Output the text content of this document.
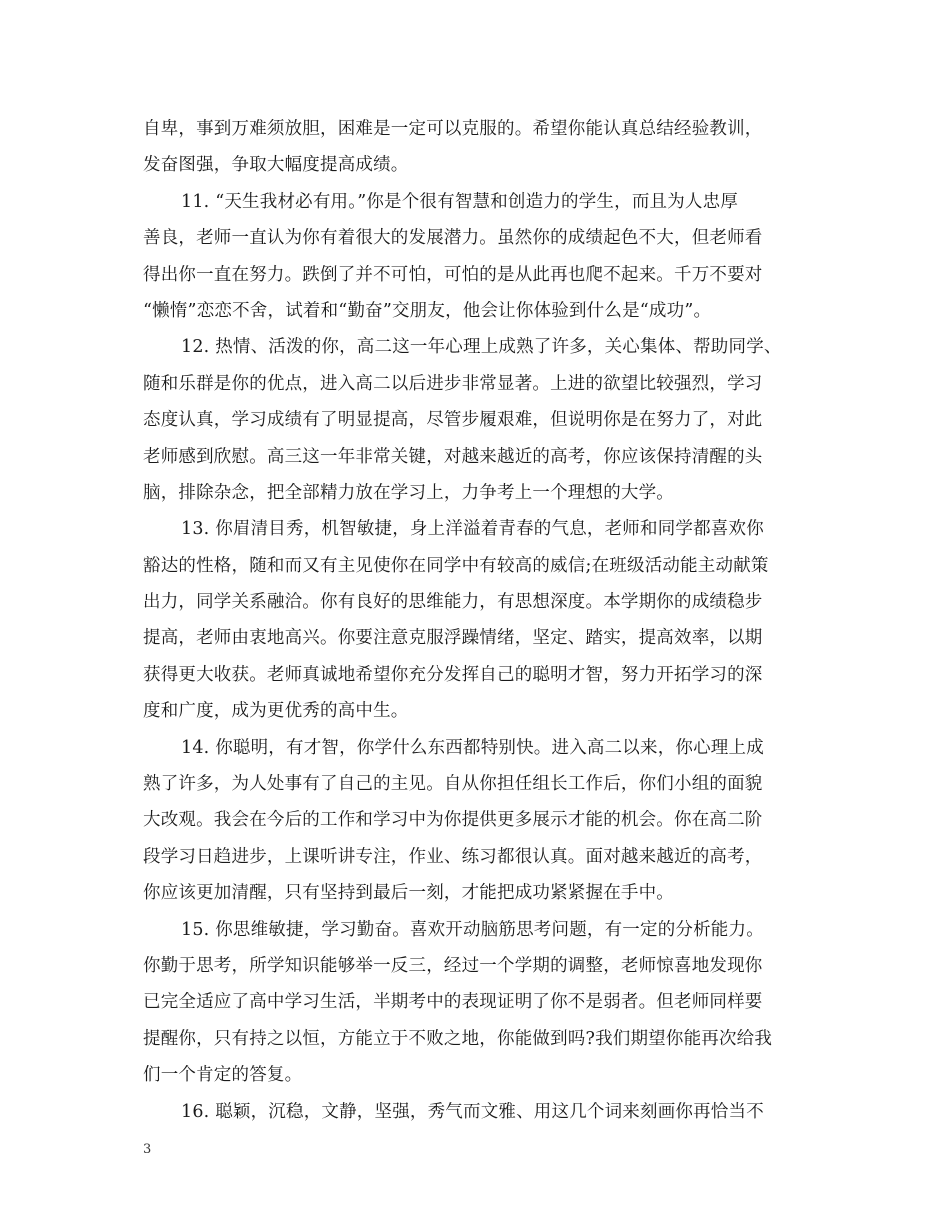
自卑，事到万难须放胆，困难是一定可以克服的。希望你能认真总结经验教训，
发奋图强，争取大幅度提高成绩。
11. “天生我材必有用。”你是个很有智慧和创造力的学生，而且为人忠厚
善良，老师一直认为你有着很大的发展潜力。虽然你的成绩起色不大，但老师看
得出你一直在努力。跌倒了并不可怕，可怕的是从此再也爬不起来。千万不要对
“懒惰”恋恋不舍，试着和“勤奋”交朋友，他会让你体验到什么是“成功”。
12. 热情、活泼的你，高二这一年心理上成熟了许多，关心集体、帮助同学、
随和乐群是你的优点，进入高二以后进步非常显著。上进的欲望比较强烈，学习
态度认真，学习成绩有了明显提高，尽管步履艰难，但说明你是在努力了，对此
老师感到欣慰。高三这一年非常关键，对越来越近的高考，你应该保持清醒的头
脑，排除杂念，把全部精力放在学习上，力争考上一个理想的大学。
13. 你眉清目秀，机智敏捷，身上洋溢着青春的气息，老师和同学都喜欢你
豁达的性格，随和而又有主见使你在同学中有较高的威信;在班级活动能主动献策
出力，同学关系融洽。你有良好的思维能力，有思想深度。本学期你的成绩稳步
提高，老师由衷地高兴。你要注意克服浮躁情绪，坚定、踏实，提高效率，以期
获得更大收获。老师真诚地希望你充分发挥自己的聪明才智，努力开拓学习的深
度和广度，成为更优秀的高中生。
14. 你聪明，有才智，你学什么东西都特别快。进入高二以来，你心理上成
熟了许多，为人处事有了自己的主见。自从你担任组长工作后，你们小组的面貌
大改观。我会在今后的工作和学习中为你提供更多展示才能的机会。你在高二阶
段学习日趋进步，上课听讲专注，作业、练习都很认真。面对越来越近的高考，
你应该更加清醒，只有坚持到最后一刻，才能把成功紧紧握在手中。
15. 你思维敏捷，学习勤奋。喜欢开动脑筋思考问题，有一定的分析能力。
你勤于思考，所学知识能够举一反三，经过一个学期的调整，老师惊喜地发现你
已完全适应了高中学习生活，半期考中的表现证明了你不是弱者。但老师同样要
提醒你，只有持之以恒，方能立于不败之地，你能做到吗?我们期望你能再次给我
们一个肯定的答复。
16. 聪颖，沉稳，文静，坚强，秀气而文雅、用这几个词来刻画你再恰当不
3
